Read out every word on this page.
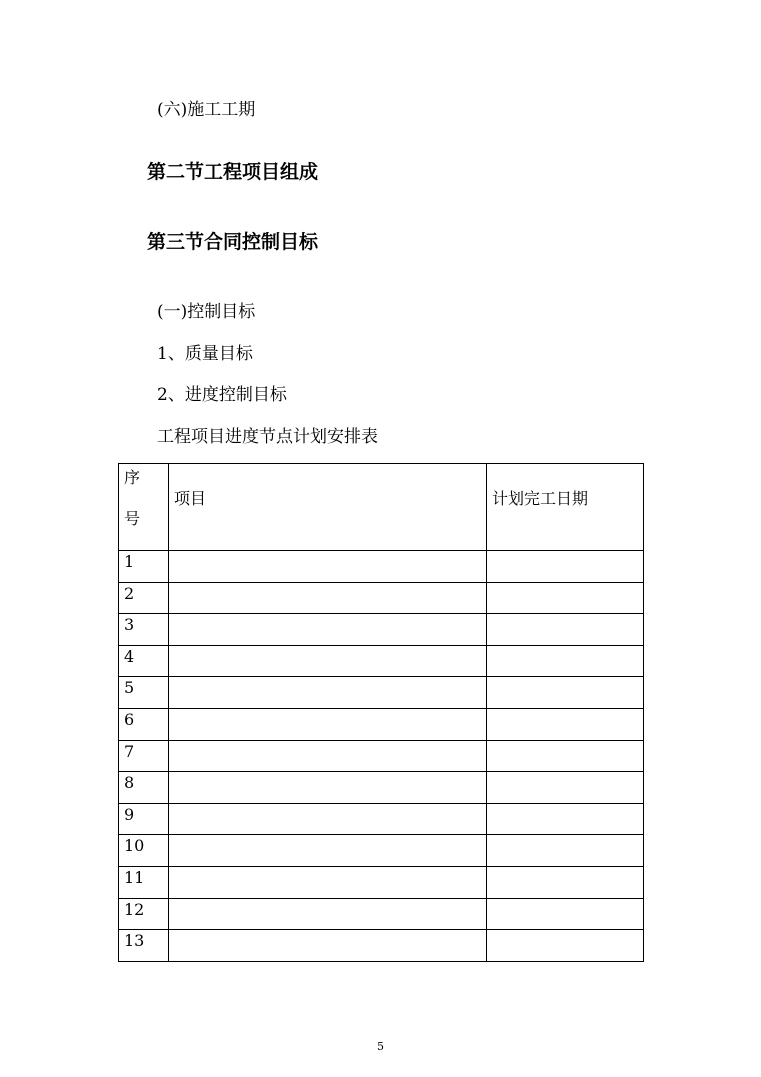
(六)施工工期
第二节工程项目组成
第三节合同控制目标
(一)控制目标
1、质量目标
2、进度控制目标
工程项目进度节点计划安排表
序
号	项目	计划完工日期

1		
2		
3		
4		
5		
6		
7		
8		
9		
10		
11		
12		
13		
5
